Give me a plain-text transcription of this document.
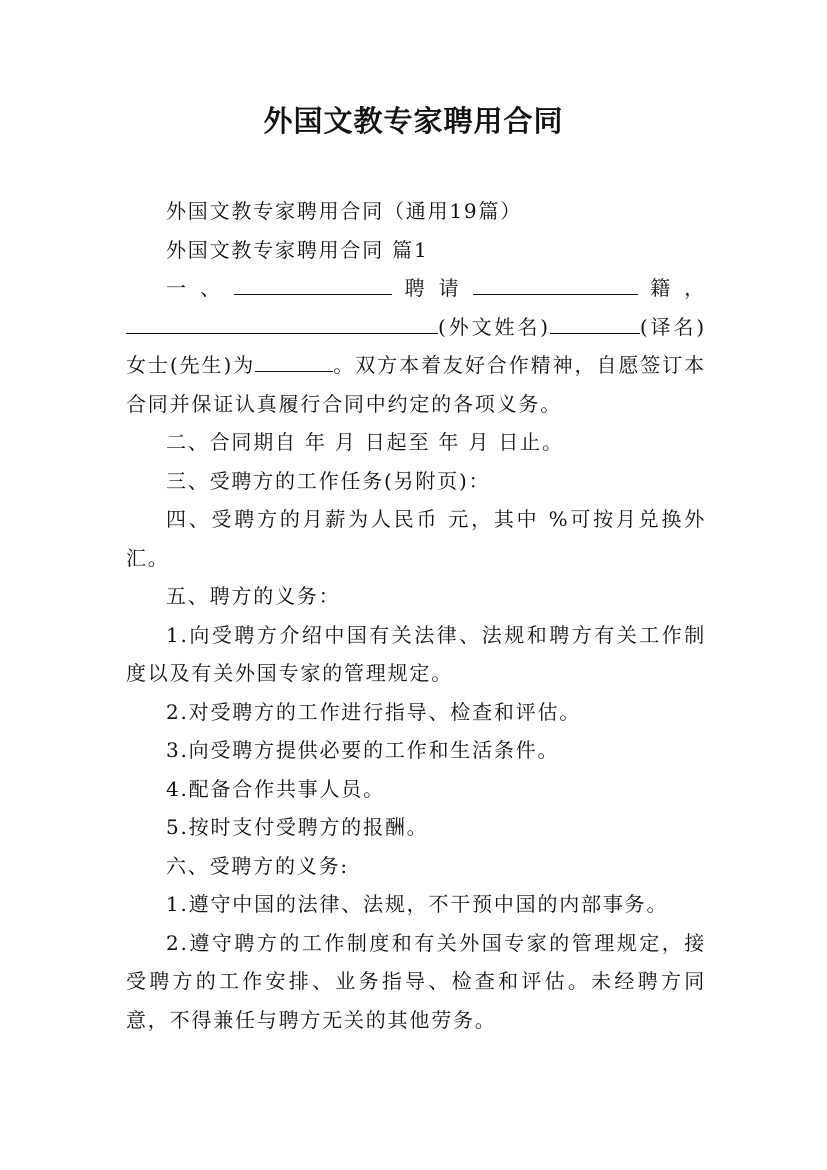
外国文教专家聘用合同

外国文教专家聘用合同（通用19篇）

外国文教专家聘用合同 篇1

一、	聘请	籍，(外文姓名)	(译名)女士(先生)为	。双方本着友好合作精神，自愿签订本合同并保证认真履行合同中约定的各项义务。

二、合同期自 年 月 日起至 年 月 日止。

三、受聘方的工作任务(另附页)：

四、受聘方的月薪为人民币 元，其中 %可按月兑换外汇。

五、聘方的义务：

1.向受聘方介绍中国有关法律、法规和聘方有关工作制度以及有关外国专家的管理规定。

2.对受聘方的工作进行指导、检查和评估。

3.向受聘方提供必要的工作和生活条件。

4.配备合作共事人员。

5.按时支付受聘方的报酬。

六、受聘方的义务:

1.遵守中国的法律、法规，不干预中国的内部事务。

2.遵守聘方的工作制度和有关外国专家的管理规定，接受聘方的工作安排、业务指导、检查和评估。未经聘方同意，不得兼任与聘方无关的其他劳务。
